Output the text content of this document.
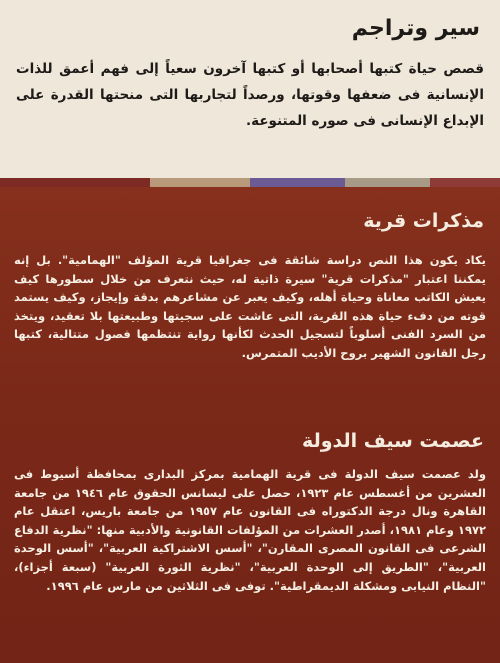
سير وتراجم

قصص حياة كتبها أصحابها أو كتبها آخرون سعياً إلى فهم أعمق للذات الإنسانية فى ضعفها وقوتها، ورصداً لتجاربها التى منحتها القدرة على الإبداع الإنسانى فى صوره المتنوعة.

مذكرات قرية

يكاد يكون هذا النص دراسة شائقة فى جغرافيا قرية المؤلف "الهمامية". بل إنه يمكننا اعتبار "مذكرات قرية" سيرة ذاتية له، حيث نتعرف من خلال سطورها كيف يعيش الكاتب معاناة وحياة أهله، وكيف يعبر عن مشاعرهم بدقة وإيجاز، وكيف يستمد قوته من دفء حياة هذه القرية، التى عاشت على سجيتها وطبيعتها بلا تعقيد، ويتخذ من السرد الفنى أسلوباً لتسجيل الحدث لكأنها رواية تنتظمها فصول متتالية، كتبها رجل القانون الشهير بروح الأديب المتمرس.

عصمت سيف الدولة

ولد عصمت سيف الدولة فى قرية الهمامية بمركز البدارى بمحافظة أسيوط فى العشرين من أغسطس عام ١٩٢٣، حصل على ليسانس الحقوق عام ١٩٤٦ من جامعة القاهرة ونال درجة الدكتوراه فى القانون عام ١٩٥٧ من جامعة باريس، اعتقل عام ١٩٧٢ وعام ١٩٨١، أصدر العشرات من المؤلفات القانونية والأدبية منها: "نظرية الدفاع الشرعى فى القانون المصرى المقارن"، "أسس الاشتراكية العربية"، "أسس الوحدة العربية"، "الطريق إلى الوحدة العربية"، "نظرية الثورة العربية" (سبعة أجزاء)، "النظام النيابى ومشكلة الديمقراطية". توفى فى الثلاثين من مارس عام ١٩٩٦.
